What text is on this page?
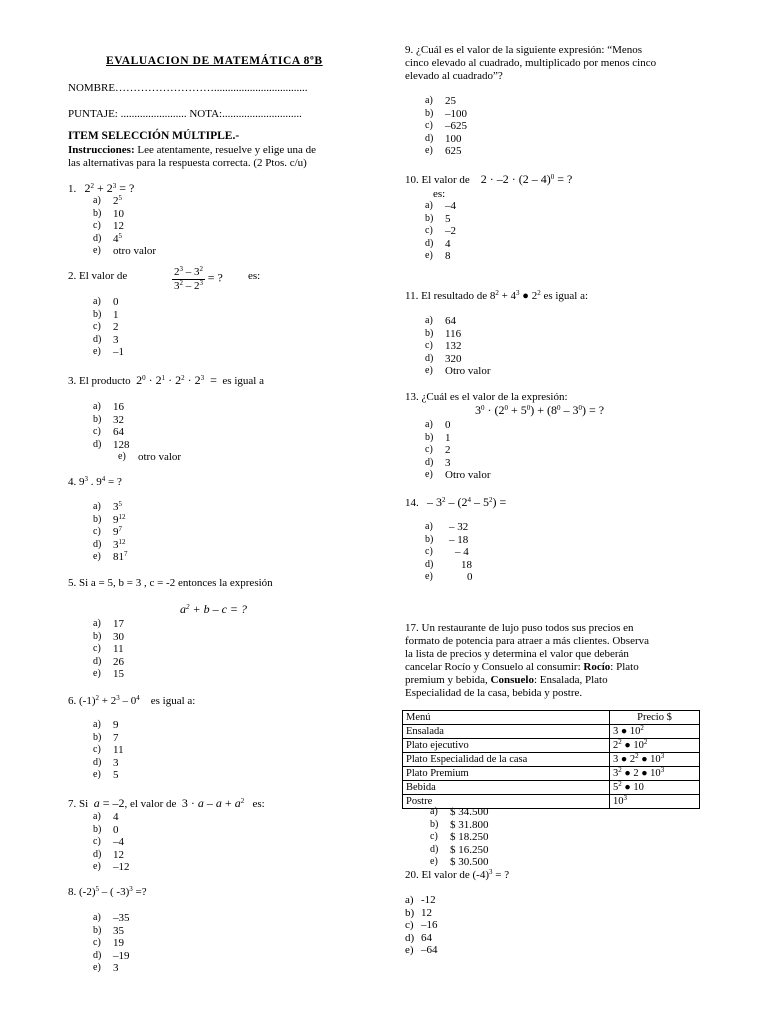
EVALUACION DE MATEMÁTICA 8ºB
NOMBRE………………………..................................
PUNTAJE: ........................ NOTA:.............................
ITEM SELECCIÓN MÚLTIPLE.-
Instrucciones: Lee atentamente, resuelve y elige una de
las alternativas para la respuesta correcta. (2 Ptos. c/u)
1. $2^2 + 2^3$ = ?
a)	$2^5$
b)	10
c)	12
d)	$4^5$
e)	otro valor
2. El valor de	$\frac{2^3 - 3^2}{3^2 - 2^3}$ = ? es:
a)	0
b)	1
c)	2
d)	3
e)	–1
3. El producto $2^0 \cdot 2^1 \cdot 2^2 \cdot 2^3$  = es igual a
a)	16
b)	32
c)	64
d)	128
e)	otro valor
4. $9^3$ . $9^4$ = ?
a)	$3^5$
b)	$9^{12}$
c)	$9^7$
d)	$3^{12}$
e)	$81^7$
5. Si a = 5, b = 3 , c = -2 entonces la expresión
$a^2 + b - c$ = ?
a)	17
b)	30
c)	11
d)	26
e)	15
6. $(-1)^2 + 2^3 - 0^4$ es igual a:
a)	9
b)	7
c)	11
d)	3
e)	5
7. Si a = –2, el valor de $3 \cdot a - a + a^2$ es:
a)	4
b)	0
c)	–4
d)	12
e)	–12
8. $(-2)^5$ – ( -3)$^3$ =?
a)	–35
b)	35
c)	19
d)	–19
e)	3
9. ¿Cuál es el valor de la siguiente expresión: “Menos
cinco elevado al cuadrado, multiplicado por menos cinco
elevado al cuadrado”?
a)	25
b)	–100
c)	–625
d)	100
e)	625
10. El valor de 2 · –2 · (2 – 4)$^0$ = ?
es:
a)	–4
b)	5
c)	–2
d)	4
e)	8
11. El resultado de $8^2 + 4^3$ ● $2^2$ es igual a:
a)	64
b)	116
c)	132
d)	320
e)	Otro valor
13. ¿Cuál es el valor de la expresión:
$3^0 \cdot (2^0 + 5^0) + (8^0 - 3^0)$ = ?
a)	0
b)	1
c)	2
d)	3
e)	Otro valor
14. – $3^2 - (2^4 - 5^2)$ =
a)	– 32
b)	– 18
c)	– 4
d)	18
e)	0
17. Un restaurante de lujo puso todos sus precios en
formato de potencia para atraer a más clientes. Observa
la lista de precios y determina el valor que deberán
cancelar Rocío y Consuelo al consumir: Rocío: Plato
premium y bebida, Consuelo: Ensalada, Plato
Especialidad de la casa, bebida y postre.
Menú	Precio $
Ensalada	3 ● $10^2$
Plato ejecutivo	$2^2$ ● $10^2$
Plato Especialidad de la casa	3 ● $2^2$ ● $10^3$
Plato Premium	$3^2$ ● 2 ● $10^3$
Bebida	$5^2$ ● 10
Postre	$10^3$
a)	$ 34.500
b)	$ 31.800
c)	$ 18.250
d)	$ 16.250
e)	$ 30.500
20. El valor de $(-4)^3$ = ?
a) -12
b) 12
c) –16
d) 64
e) –64
